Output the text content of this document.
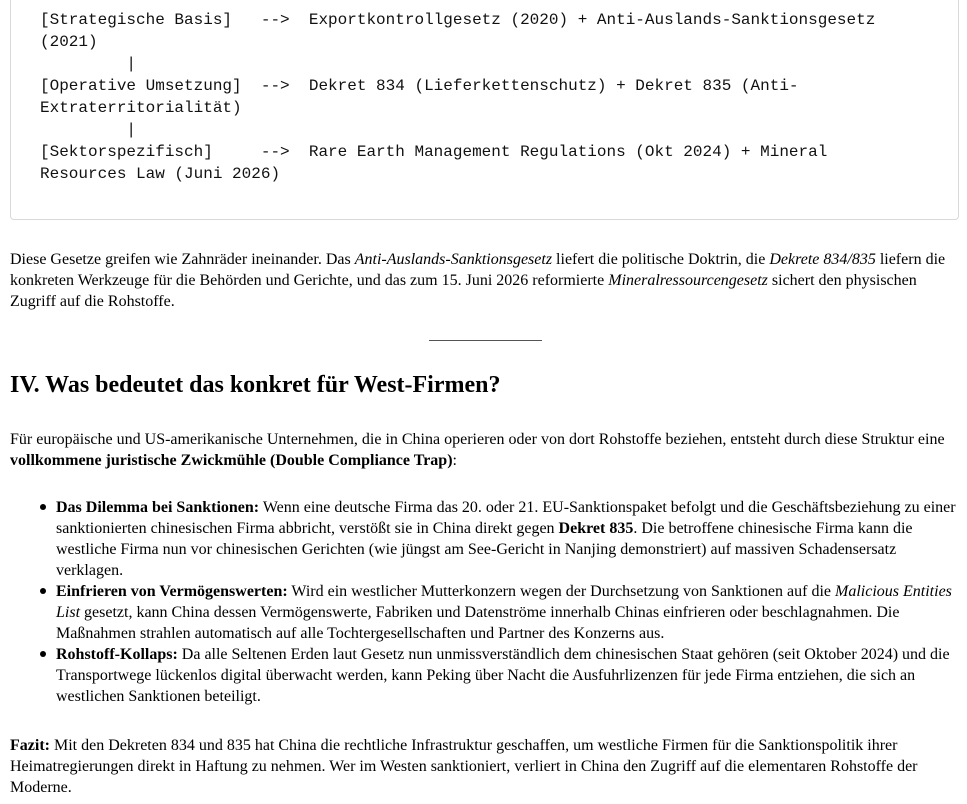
[Strategische Basis]   -->  Exportkontrollgesetz (2020) + Anti-Auslands-Sanktionsgesetz
(2021)
|
[Operative Umsetzung]  -->  Dekret 834 (Lieferkettenschutz) + Dekret 835 (Anti-
Extraterritorialität)
|
[Sektorspezifisch]     -->  Rare Earth Management Regulations (Okt 2024) + Mineral
Resources Law (Juni 2026)

Diese Gesetze greifen wie Zahnräder ineinander. Das Anti-Auslands-Sanktionsgesetz liefert die politische Doktrin, die Dekrete 834/835 liefern die konkreten Werkzeuge für die Behörden und Gerichte, und das zum 15. Juni 2026 reformierte Mineralressourcengesetz sichert den physischen Zugriff auf die Rohstoffe.

IV. Was bedeutet das konkret für West-Firmen?

Für europäische und US-amerikanische Unternehmen, die in China operieren oder von dort Rohstoffe beziehen, entsteht durch diese Struktur eine vollkommene juristische Zwickmühle (Double Compliance Trap):

Das Dilemma bei Sanktionen: Wenn eine deutsche Firma das 20. oder 21. EU-Sanktionspaket befolgt und die Geschäftsbeziehung zu einer sanktionierten chinesischen Firma abbricht, verstößt sie in China direkt gegen Dekret 835. Die betroffene chinesische Firma kann die westliche Firma nun vor chinesischen Gerichten (wie jüngst am See-Gericht in Nanjing demonstriert) auf massiven Schadensersatz verklagen.
Einfrieren von Vermögenswerten: Wird ein westlicher Mutterkonzern wegen der Durchsetzung von Sanktionen auf die Malicious Entities List gesetzt, kann China dessen Vermögenswerte, Fabriken und Datenströme innerhalb Chinas einfrieren oder beschlagnahmen. Die Maßnahmen strahlen automatisch auf alle Tochtergesellschaften und Partner des Konzerns aus.
Rohstoff-Kollaps: Da alle Seltenen Erden laut Gesetz nun unmissverständlich dem chinesischen Staat gehören (seit Oktober 2024) und die Transportwege lückenlos digital überwacht werden, kann Peking über Nacht die Ausfuhrlizenzen für jede Firma entziehen, die sich an westlichen Sanktionen beteiligt.

Fazit: Mit den Dekreten 834 und 835 hat China die rechtliche Infrastruktur geschaffen, um westliche Firmen für die Sanktionspolitik ihrer Heimatregierungen direkt in Haftung zu nehmen. Wer im Westen sanktioniert, verliert in China den Zugriff auf die elementaren Rohstoffe der Moderne.
